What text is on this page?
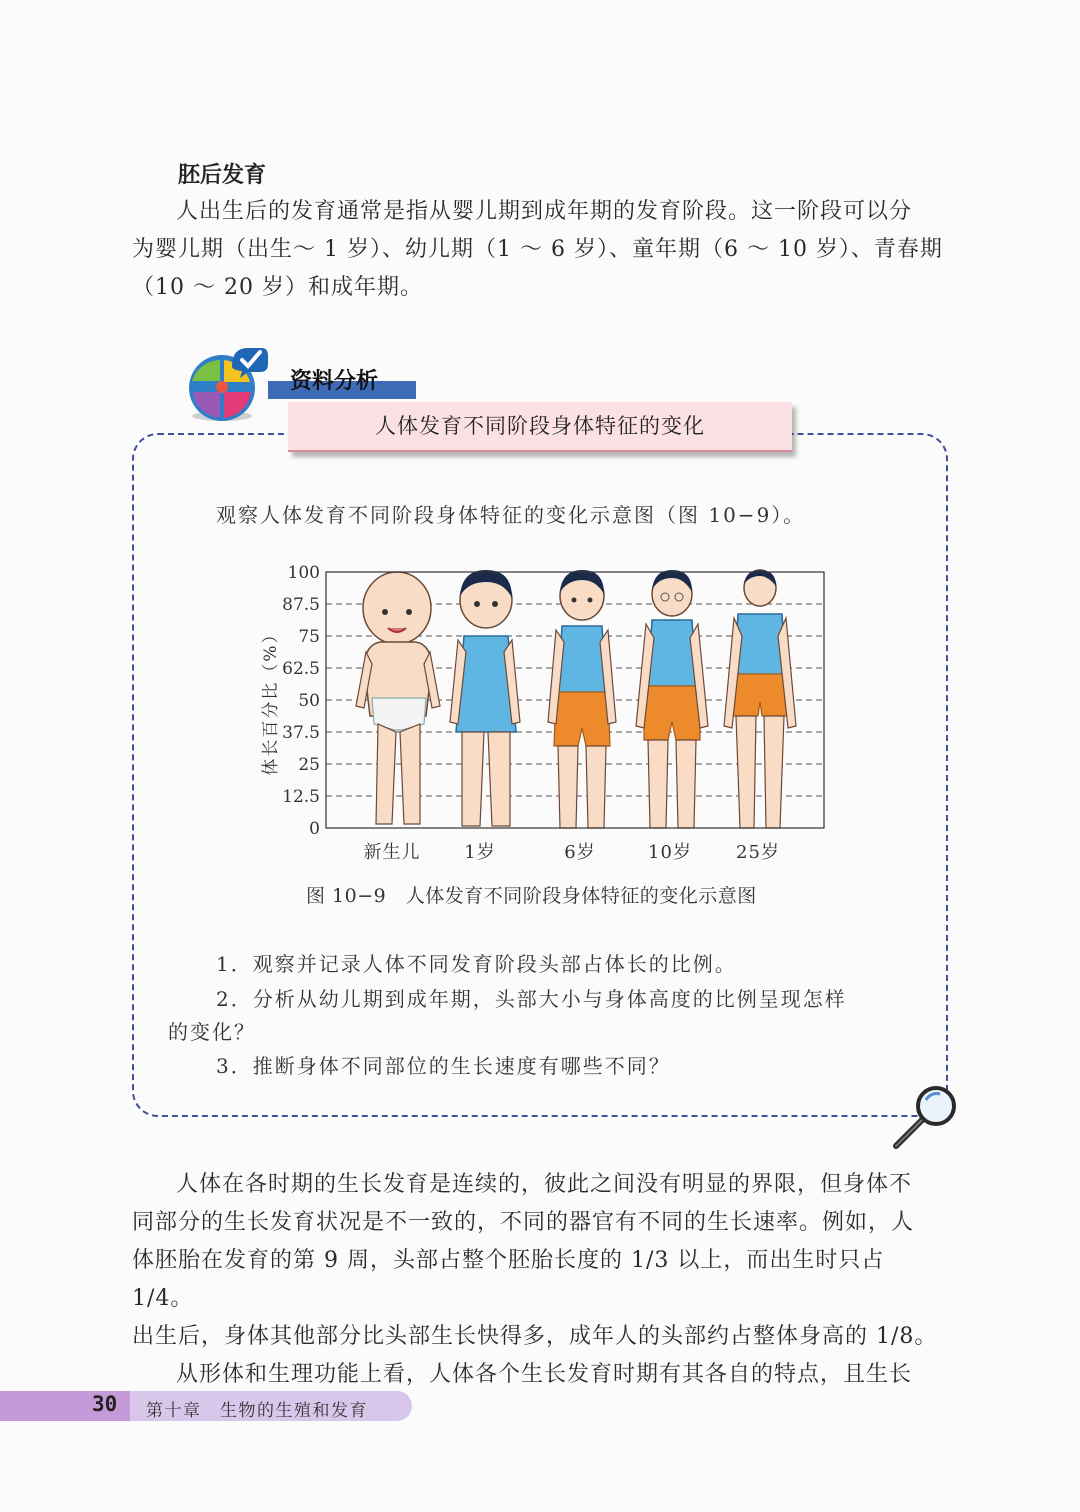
胚后发育

人出生后的发育通常是指从婴儿期到成年期的发育阶段。这一阶段可以分
为婴儿期（出生～ 1 岁）、幼儿期（1 ～ 6 岁）、童年期（6 ～ 10 岁）、青春期
（10 ～ 20 岁）和成年期。

资料分析
人体发育不同阶段身体特征的变化
观察人体发育不同阶段身体特征的变化示意图（图 10−9）。
0
12.5
25
37.5
50
62.5
75
87.5
100
新生儿 1岁	6岁	10岁 25岁
体长百分比（%）
图 10−9　人体发育不同阶段身体特征的变化示意图
1．观察并记录人体不同发育阶段头部占体长的比例。
2．分析从幼儿期到成年期，头部大小与身体高度的比例呈现怎样
的变化？
3．推断身体不同部位的生长速度有哪些不同？

人体在各时期的生长发育是连续的，彼此之间没有明显的界限，但身体不
同部分的生长发育状况是不一致的，不同的器官有不同的生长速率。例如，人
体胚胎在发育的第 9 周，头部占整个胚胎长度的 1/3 以上，而出生时只占 1/4。
出生后，身体其他部分比头部生长快得多，成年人的头部约占整体身高的 1/8。
从形体和生理功能上看，人体各个生长发育时期有其各自的特点，且生长

30 第十章　生物的生殖和发育
